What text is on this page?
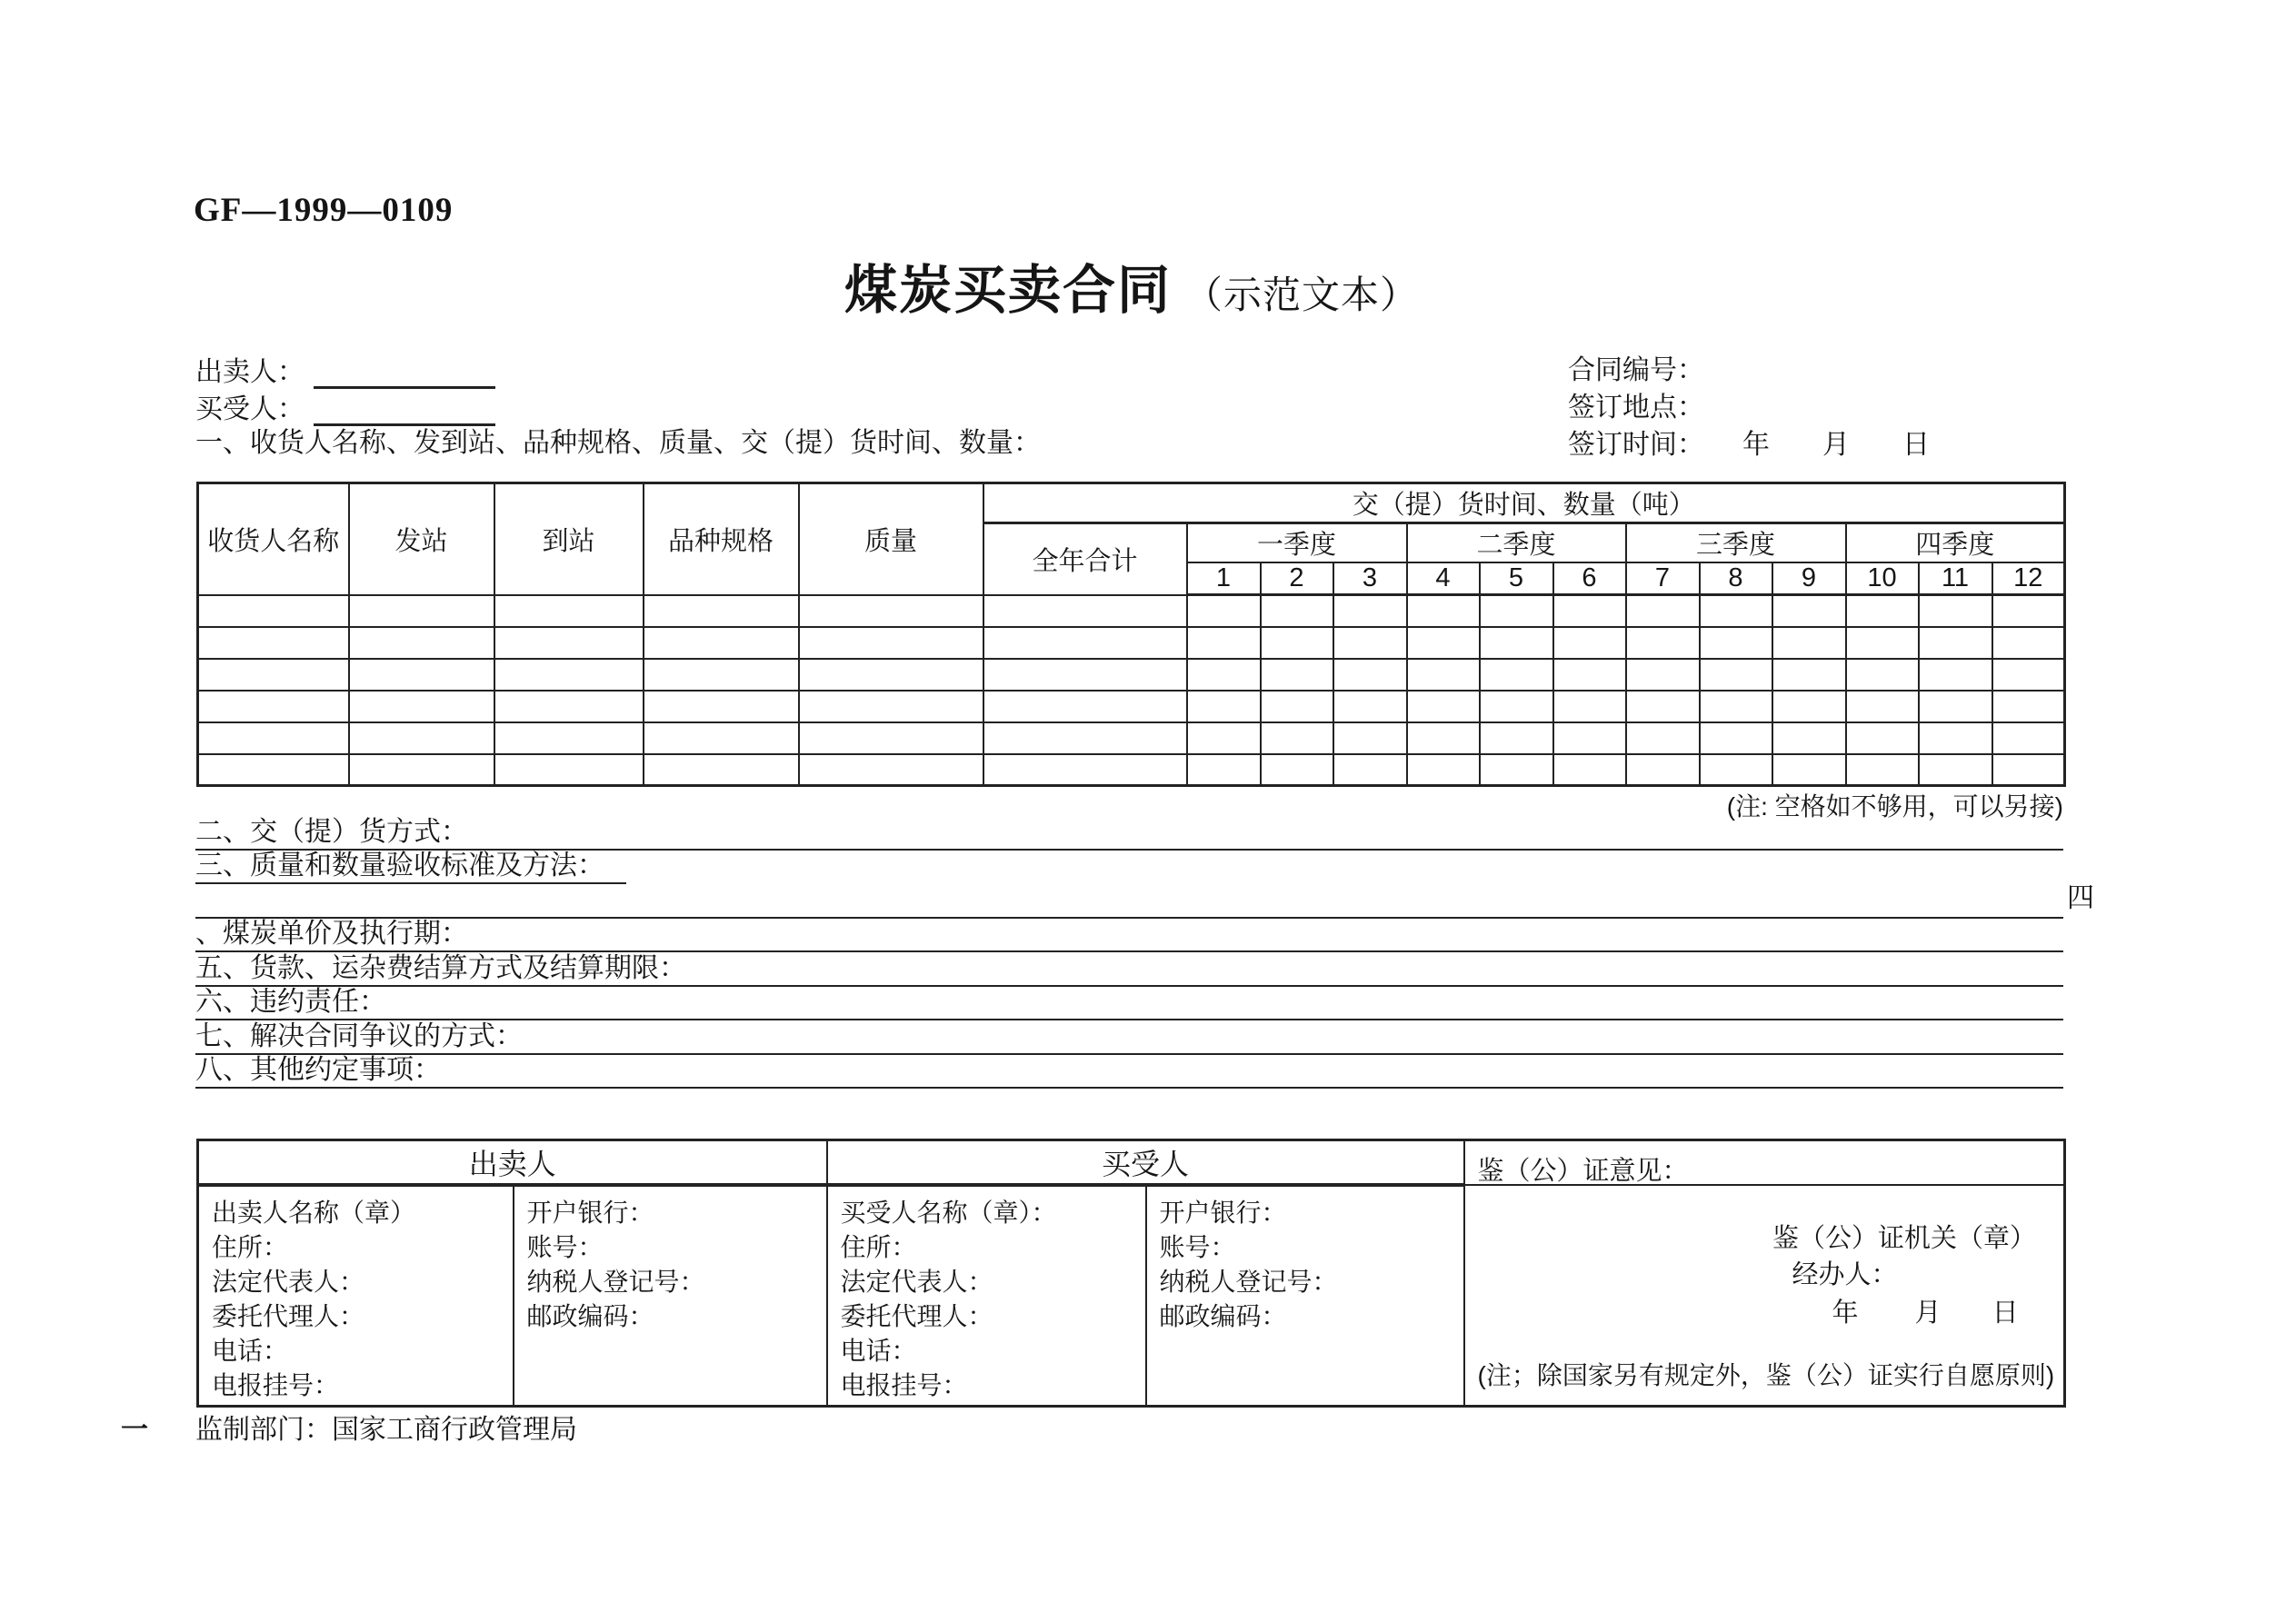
GF—1999—0109
煤炭买卖合同 （示范文本）
出卖人：
买受人：
合同编号：
签订地点：
签订时间： 年 月 日
一、收货人名称、发到站、品种规格、质量、交（提）货时间、数量：
收货人名称	发站	到站	品种规格	质量	交（提）货时间、数量（吨）												
					全年合计	一季度			二季度			三季度			四季度		
						1	2	3	4	5	6	7	8	9	10	11	12

(注: 空格如不够用，可以另接)
二、交（提）货方式：
三、质量和数量验收标准及方法：
四
、煤炭单价及执行期：
五、货款、运杂费结算方式及结算期限：
六、违约责任：
七、解决合同争议的方式：
八、其他约定事项：
出卖人		买受人		鉴（公）证意见：
鉴（公）证机关（章）
经办人：
年 月 日
(注；除国家另有规定外，鉴（公）证实行自愿原则)

出卖人名称（章）
住所：
法定代表人：
委托代理人：
电话：
电报挂号：

开户银行：
账号：
纳税人登记号：
邮政编码：

买受人名称（章）：
住所：
法定代表人：
委托代理人：
电话：
电报挂号：

开户银行：
账号：
纳税人登记号：
邮政编码：
一 监制部门：国家工商行政管理局
